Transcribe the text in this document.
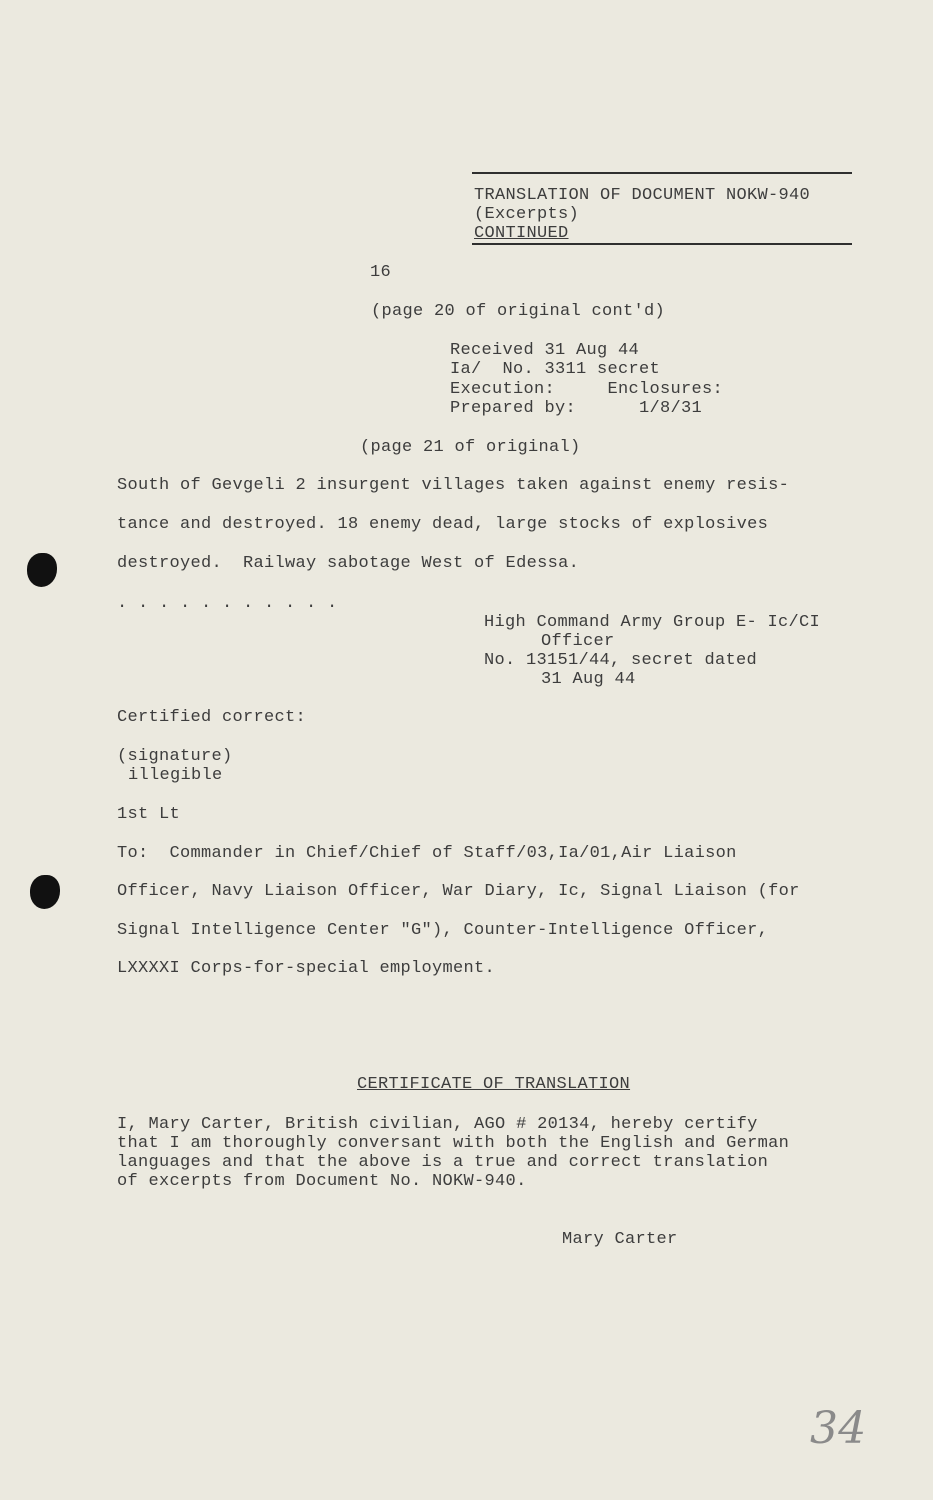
TRANSLATION OF DOCUMENT NOKW-940
(Excerpts)
CONTINUED
16
(page 20 of original cont'd)
Received 31 Aug 44
Ia/  No. 3311 secret
Execution:     Enclosures:
Prepared by:      1/8/31
(page 21 of original)
South of Gevgeli 2 insurgent villages taken against enemy resis-
tance and destroyed. 18 enemy dead, large stocks of explosives
destroyed.  Railway sabotage West of Edessa.
. . . . . . . . . . .
High Command Army Group E- Ic/CI
Officer
No. 13151/44, secret dated
31 Aug 44
Certified correct:
(signature)
illegible
1st Lt
To:  Commander in Chief/Chief of Staff/03,Ia/01,Air Liaison
Officer, Navy Liaison Officer, War Diary, Ic, Signal Liaison (for
Signal Intelligence Center "G"), Counter-Intelligence Officer,
LXXXXI Corps-for-special employment.
CERTIFICATE OF TRANSLATION
I, Mary Carter, British civilian, AGO # 20134, hereby certify
that I am thoroughly conversant with both the English and German
languages and that the above is a true and correct translation
of excerpts from Document No. NOKW-940.
Mary Carter
34
